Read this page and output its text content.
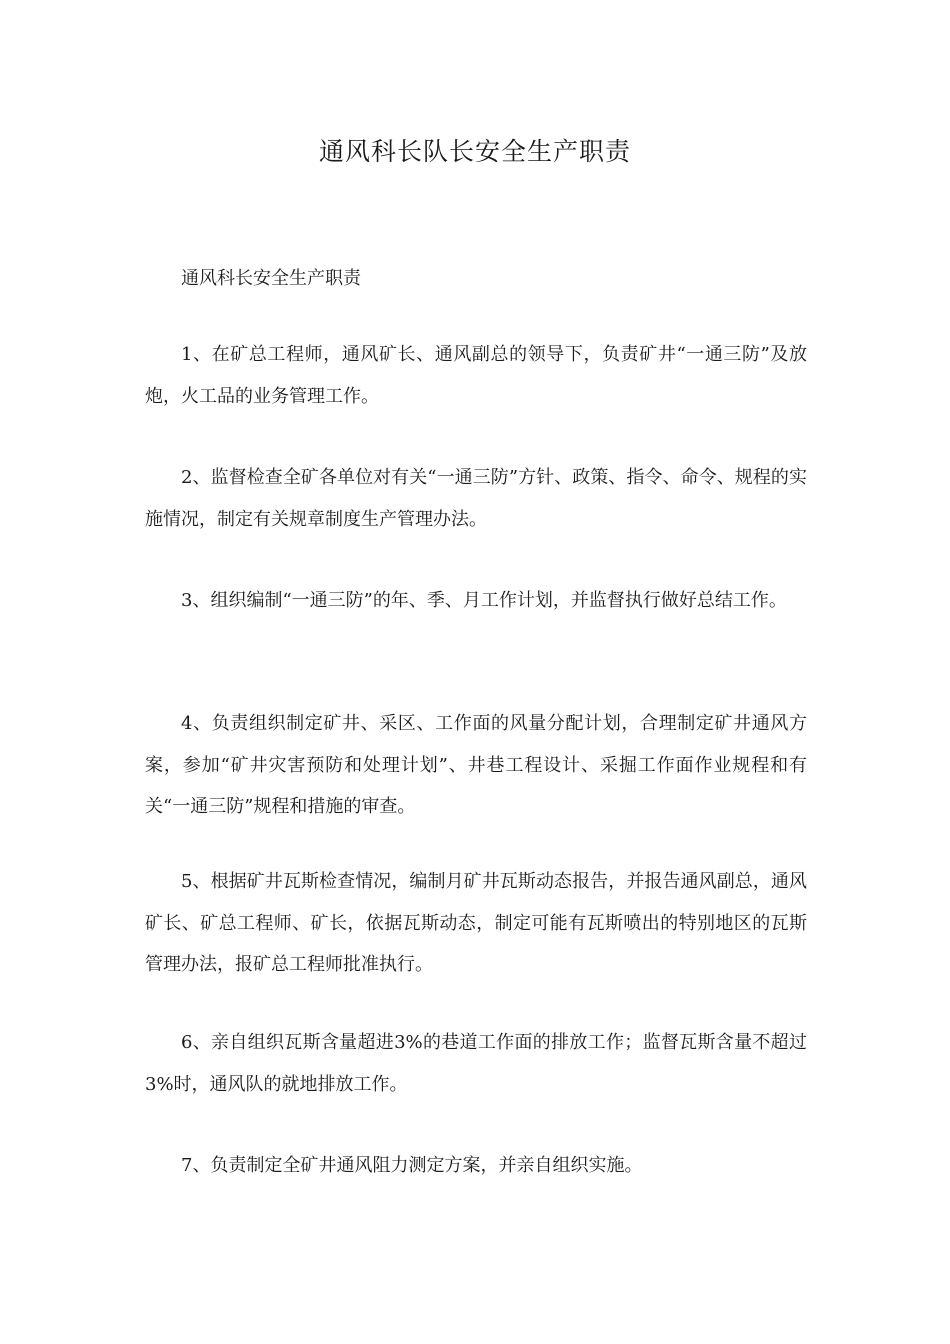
通风科长队长安全生产职责
通风科长安全生产职责

1、在矿总工程师，通风矿长、通风副总的领导下，负责矿井“一通三防”及放炮，火工品的业务管理工作。

2、监督检查全矿各单位对有关“一通三防”方针、政策、指令、命令、规程的实施情况，制定有关规章制度生产管理办法。

3、组织编制“一通三防”的年、季、月工作计划，并监督执行做好总结工作。

4、负责组织制定矿井、采区、工作面的风量分配计划，合理制定矿井通风方案，参加“矿井灾害预防和处理计划”、井巷工程设计、采掘工作面作业规程和有关“一通三防”规程和措施的审查。

5、根据矿井瓦斯检查情况，编制月矿井瓦斯动态报告，并报告通风副总，通风矿长、矿总工程师、矿长，依据瓦斯动态，制定可能有瓦斯喷出的特别地区的瓦斯管理办法，报矿总工程师批准执行。

6、亲自组织瓦斯含量超进3%的巷道工作面的排放工作；监督瓦斯含量不超过3%时，通风队的就地排放工作。

7、负责制定全矿井通风阻力测定方案，并亲自组织实施。
